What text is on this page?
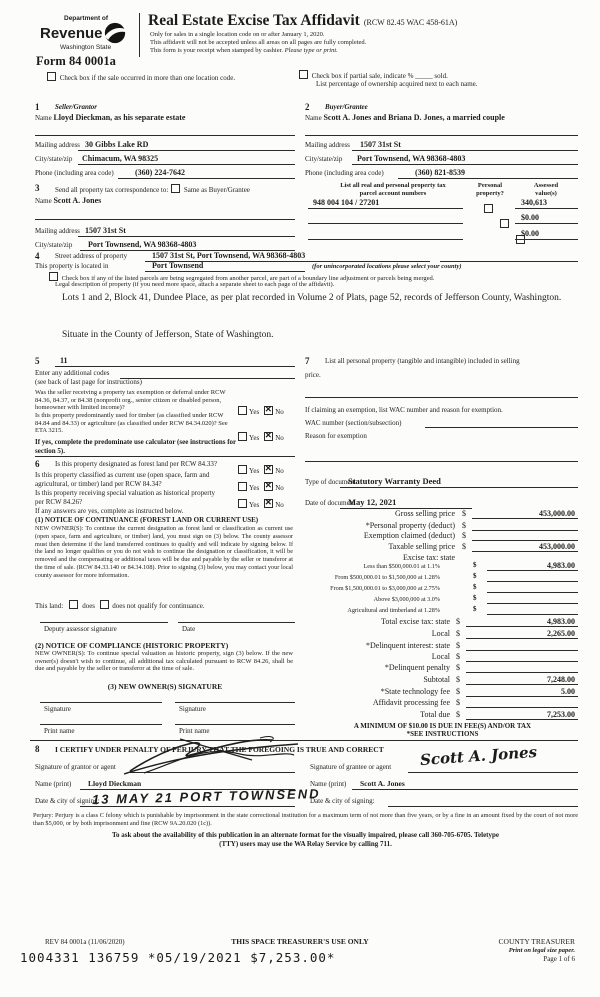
Department of
Revenue
Washington State
Real Estate Excise Tax Affidavit (RCW 82.45 WAC 458-61A)
Only for sales in a single location code on or after January 1, 2020.
This affidavit will not be accepted unless all areas on all pages are fully completed.
This form is your receipt when stamped by cashier. Please type or print.
Form 84 0001a
Check box if the sale occurred in more than one location code.	Check box if partial sale, indicate % _____ sold.
List percentage of ownership acquired next to each name.
1 Seller/Grantor
Name Lloyd Dieckman, as his separate estate
Mailing address 30 Gibbs Lake RD
City/state/zip Chimacum, WA 98325
Phone (including area code)	(360) 224-7642
2 Buyer/Grantee
Name Scott A. Jones and Briana D. Jones, a married couple
Mailing address 1507 31st St
City/state/zip Port Townsend, WA 98368-4803
Phone (including area code)	(360) 821-8539
List all real and personal property tax
parcel account numbers
Personal
property?
Assessed
value(s)
948 004 104 / 27201
	340,613

$0.00
$0.00
3 Send all property tax correspondence to: Same as Buyer/Grantee
Name Scott A. Jones
Mailing address 1507 31st St
City/state/zip Port Townsend, WA 98368-4803
4 Street address of property	1507 31st St, Port Townsend, WA 98368-4803
This property is located in	Port Townsend	(for unincorporated locations please select your county)
Check box if any of the listed parcels are being segregated from another parcel, are part of a boundary line adjustment or parcels being merged.
Legal description of property (if you need more space, attach a separate sheet to each page of the affidavit).
Lots 1 and 2, Block 41, Dundee Place, as per plat recorded in Volume 2 of Plats, page 52, records of Jefferson County, Washington.
Situate in the County of Jefferson, State of Washington.
5	11
Enter any additional codes
(see back of last page for instructions)
Was the seller receiving a property tax exemption or deferral under RCW 84.36, 84.37, or 84.38 (nonprofit org., senior citizen or disabled person, homeowner with limited income)?
Yes ✕ No
Is this property predominantly used for timber (as classified under RCW 84.84 and 84.33) or agriculture (as classified under RCW 84.34.020)? See ETA 3215.
Yes ✕ No
If yes, complete the predominate use calculator (see instructions for section 5).
6 Is this property designated as forest land per RCW 84.33?
Yes ✕ No
Is this property classified as current use (open space, farm and agricultural, or timber) land per RCW 84.34?
Yes ✕ No
Is this property receiving special valuation as historical property per RCW 84.26?	Yes ✕ No
If any answers are yes, complete as instructed below.
(1) NOTICE OF CONTINUANCE (FOREST LAND OR CURRENT USE)
NEW OWNER(S): To continue the current designation as forest land or classification as current use (open space, farm and agriculture, or timber) land, you must sign on (3) below. The county assessor must then determine if the land transferred continues to qualify and will indicate by signing below. If the land no longer qualifies or you do not wish to continue the designation or classification, it will be removed and the compensating or additional taxes will be due and payable by the seller or transferor at the time of sale. (RCW 84.33.140 or 84.34.108). Prior to signing (3) below, you may contact your local county assessor for more information.
This land:	does does not qualify for continuance.
Deputy assessor signature	Date
(2) NOTICE OF COMPLIANCE (HISTORIC PROPERTY)
NEW OWNER(S): To continue special valuation as historic property, sign (3) below. If the new owner(s) doesn't wish to continue, all additional tax calculated pursuant to RCW 84.26, shall be due and payable by the seller or transferor at the time of sale.
(3) NEW OWNER(S) SIGNATURE
Signature	Signature
Print name	Print name
7 List all personal property (tangible and intangible) included in selling
price.
If claiming an exemption, list WAC number and reason for exemption.
WAC number (section/subsection)
Reason for exemption
Type of document
Statutory Warranty Deed
Date of document
May 12, 2021
Gross selling price $	453,000.00
*Personal property (deduct) $
Exemption claimed (deduct) $
Taxable selling price $	453,000.00
Excise tax: state
Less than $500,000.01 at 1.1%	$	4,983.00
From $500,000.01 to $1,500,000 at 1.28%	$
From $1,500,000.01 to $3,000,000 at 2.75%	$
Above $3,000,000 at 3.0%	$
Agricultural and timberland at 1.28%	$
Total excise tax: state $	4,983.00
Local $	2,265.00
*Delinquent interest: state $
Local $
*Delinquent penalty $
Subtotal $	7,248.00
*State technology fee $	5.00
Affidavit processing fee $
Total due $	7,253.00
A MINIMUM OF $10.00 IS DUE IN FEE(S) AND/OR TAX
*SEE INSTRUCTIONS
8 I CERTIFY UNDER PENALTY OF PERJURY THAT THE FOREGOING IS TRUE AND CORRECT
Signature of grantor or agent
Name (print) Lloyd Dieckman
Date & city of signing:
13 MAY 21 PORT TOWNSEND
Signature of grantee or agent Scott A. Jones
Name (print) Scott A. Jones
Date & city of signing:
Perjury: Perjury is a class C felony which is punishable by imprisonment in the state correctional institution for a maximum term of not more than five years, or by a fine in an amount fixed by the court of not more than $5,000, or by both imprisonment and fine (RCW 9A.20.020 (1c)).
To ask about the availability of this publication in an alternate format for the visually impaired, please call 360-705-6705. Teletype
(TTY) users may use the WA Relay Service by calling 711.
REV 84 0001a (11/06/2020)	THIS SPACE TREASURER'S USE ONLY	COUNTY TREASURER
Print on legal size paper.
Page 1 of 6
1004331 136759 *05/19/2021 $7,253.00*
